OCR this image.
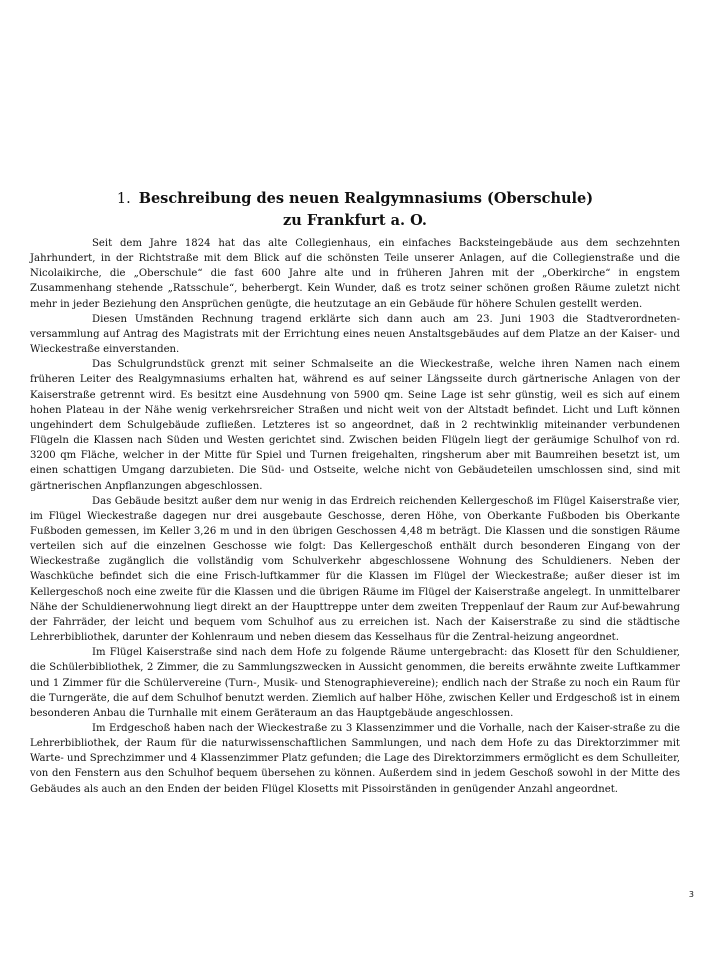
1. Beschreibung des neuen Realgymnasiums (Oberschule)
zu Frankfurt a. O.

Seit dem Jahre 1824 hat das alte Collegienhaus, ein einfaches Backsteingebäude aus dem sechzehnten Jahrhundert, in der Richtstraße mit dem Blick auf die schönsten Teile unserer Anlagen, auf die Collegienstraße und die Nicolaikirche, die „Oberschule“ die fast 600 Jahre alte und in früheren Jahren mit der „Oberkirche“ in engstem Zusammenhang stehende „Ratsschule“, beherbergt. Kein Wunder, daß es trotz seiner schönen großen Räume zuletzt nicht mehr in jeder Beziehung den Ansprüchen genügte, die heutzutage an ein Gebäude für höhere Schulen gestellt werden.

Diesen Umständen Rechnung tragend erklärte sich dann auch am 23. Juni 1903 die Stadtverordneten-versammlung auf Antrag des Magistrats mit der Errichtung eines neuen Anstaltsgebäudes auf dem Platze an der Kaiser- und Wieckestraße einverstanden.

Das Schulgrundstück grenzt mit seiner Schmalseite an die Wieckestraße, welche ihren Namen nach einem früheren Leiter des Realgymnasiums erhalten hat, während es auf seiner Längsseite durch gärtnerische Anlagen von der Kaiserstraße getrennt wird. Es besitzt eine Ausdehnung von 5900 qm. Seine Lage ist sehr günstig, weil es sich auf einem hohen Plateau in der Nähe wenig verkehrsreicher Straßen und nicht weit von der Altstadt befindet. Licht und Luft können ungehindert dem Schulgebäude zufließen. Letzteres ist so angeordnet, daß in 2 rechtwinklig miteinander verbundenen Flügeln die Klassen nach Süden und Westen gerichtet sind. Zwischen beiden Flügeln liegt der geräumige Schulhof von rd. 3200 qm Fläche, welcher in der Mitte für Spiel und Turnen freigehalten, ringsherum aber mit Baumreihen besetzt ist, um einen schattigen Umgang darzubieten. Die Süd- und Ostseite, welche nicht von Gebäudeteilen umschlossen sind, sind mit gärtnerischen Anpflanzungen abgeschlossen.

Das Gebäude besitzt außer dem nur wenig in das Erdreich reichenden Kellergeschoß im Flügel Kaiserstraße vier, im Flügel Wieckestraße dagegen nur drei ausgebaute Geschosse, deren Höhe, von Oberkante Fußboden bis Oberkante Fußboden gemessen, im Keller 3,26 m und in den übrigen Geschossen 4,48 m beträgt. Die Klassen und die sonstigen Räume verteilen sich auf die einzelnen Geschosse wie folgt: Das Kellergeschoß enthält durch besonderen Eingang von der Wieckestraße zugänglich die vollständig vom Schulverkehr abgeschlossene Wohnung des Schuldieners. Neben der Waschküche befindet sich die eine Frisch-luftkammer für die Klassen im Flügel der Wieckestraße; außer dieser ist im Kellergeschoß noch eine zweite für die Klassen und die übrigen Räume im Flügel der Kaiserstraße angelegt. In unmittelbarer Nähe der Schuldienerwohnung liegt direkt an der Haupttreppe unter dem zweiten Treppenlauf der Raum zur Auf-bewahrung der Fahrräder, der leicht und bequem vom Schulhof aus zu erreichen ist. Nach der Kaiserstraße zu sind die städtische Lehrerbibliothek, darunter der Kohlenraum und neben diesem das Kesselhaus für die Zentral-heizung angeordnet.

Im Flügel Kaiserstraße sind nach dem Hofe zu folgende Räume untergebracht: das Klosett für den Schuldiener, die Schülerbibliothek, 2 Zimmer, die zu Sammlungszwecken in Aussicht genommen, die bereits erwähnte zweite Luftkammer und 1 Zimmer für die Schülervereine (Turn-, Musik- und Stenographievereine); endlich nach der Straße zu noch ein Raum für die Turngeräte, die auf dem Schulhof benutzt werden. Ziemlich auf halber Höhe, zwischen Keller und Erdgeschoß ist in einem besonderen Anbau die Turnhalle mit einem Geräteraum an das Hauptgebäude angeschlossen.

Im Erdgeschoß haben nach der Wieckestraße zu 3 Klassenzimmer und die Vorhalle, nach der Kaiser-straße zu die Lehrerbibliothek, der Raum für die naturwissenschaftlichen Sammlungen, und nach dem Hofe zu das Direktorzimmer mit Warte- und Sprechzimmer und 4 Klassenzimmer Platz gefunden; die Lage des Direktorzimmers ermöglicht es dem Schulleiter, von den Fenstern aus den Schulhof bequem übersehen zu können. Außerdem sind in jedem Geschoß sowohl in der Mitte des Gebäudes als auch an den Enden der beiden Flügel Klosetts mit Pissoirständen in genügender Anzahl angeordnet.

3
